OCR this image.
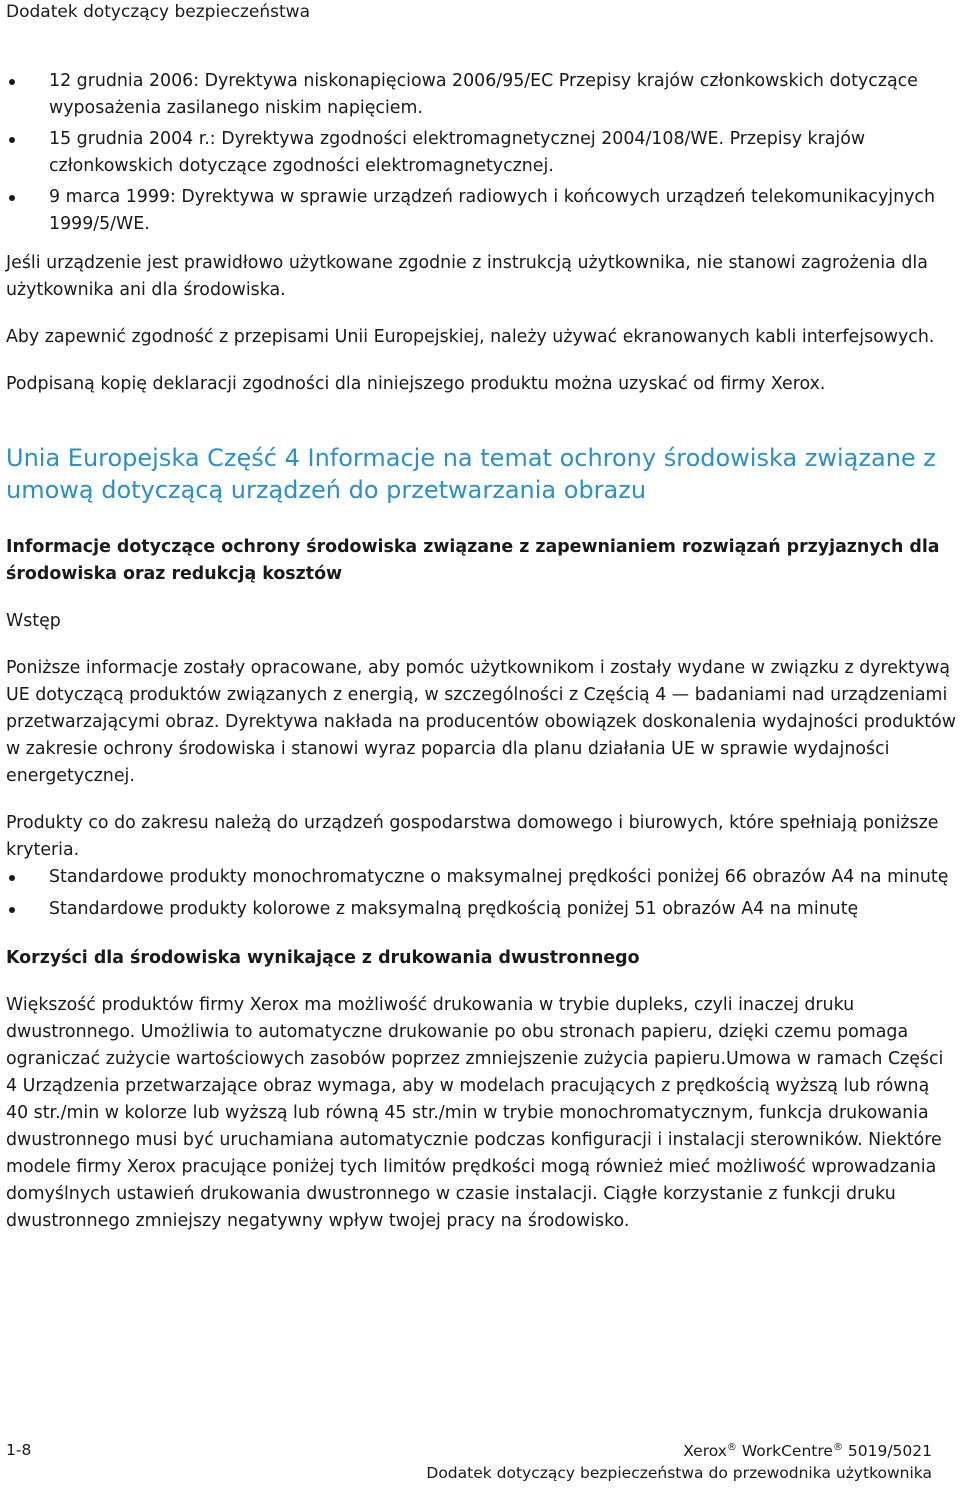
Dodatek dotyczący bezpieczeństwa
12 grudnia 2006: Dyrektywa niskonapięciowa 2006/95/EC Przepisy krajów członkowskich dotyczące wyposażenia zasilanego niskim napięciem.
15 grudnia 2004 r.: Dyrektywa zgodności elektromagnetycznej 2004/108/WE. Przepisy krajów członkowskich dotyczące zgodności elektromagnetycznej.
9 marca 1999: Dyrektywa w sprawie urządzeń radiowych i końcowych urządzeń telekomunikacyjnych 1999/5/WE.

Jeśli urządzenie jest prawidłowo użytkowane zgodnie z instrukcją użytkownika, nie stanowi zagrożenia dla użytkownika ani dla środowiska.

Aby zapewnić zgodność z przepisami Unii Europejskiej, należy używać ekranowanych kabli interfejsowych.

Podpisaną kopię deklaracji zgodności dla niniejszego produktu można uzyskać od firmy Xerox.

Unia Europejska Część 4 Informacje na temat ochrony środowiska związane z umową dotyczącą urządzeń do przetwarzania obrazu

Informacje dotyczące ochrony środowiska związane z zapewnianiem rozwiązań przyjaznych dla środowiska oraz redukcją kosztów

Wstęp

Poniższe informacje zostały opracowane, aby pomóc użytkownikom i zostały wydane w związku z dyrektywą UE dotyczącą produktów związanych z energią, w szczególności z Częścią 4 — badaniami nad urządzeniami przetwarzającymi obraz. Dyrektywa nakłada na producentów obowiązek doskonalenia wydajności produktów w zakresie ochrony środowiska i stanowi wyraz poparcia dla planu działania UE w sprawie wydajności energetycznej.

Produkty co do zakresu należą do urządzeń gospodarstwa domowego i biurowych, które spełniają poniższe kryteria.

Standardowe produkty monochromatyczne o maksymalnej prędkości poniżej 66 obrazów A4 na minutę
Standardowe produkty kolorowe z maksymalną prędkością poniżej 51 obrazów A4 na minutę

Korzyści dla środowiska wynikające z drukowania dwustronnego

Większość produktów firmy Xerox ma możliwość drukowania w trybie dupleks, czyli inaczej druku dwustronnego. Umożliwia to automatyczne drukowanie po obu stronach papieru, dzięki czemu pomaga ograniczać zużycie wartościowych zasobów poprzez zmniejszenie zużycia papieru.Umowa w ramach Części 4 Urządzenia przetwarzające obraz wymaga, aby w modelach pracujących z prędkością wyższą lub równą 40 str./min w kolorze lub wyższą lub równą 45 str./min w trybie monochromatycznym, funkcja drukowania dwustronnego musi być uruchamiana automatycznie podczas konfiguracji i instalacji sterowników. Niektóre modele firmy Xerox pracujące poniżej tych limitów prędkości mogą również mieć możliwość wprowadzania domyślnych ustawień drukowania dwustronnego w czasie instalacji. Ciągłe korzystanie z funkcji druku dwustronnego zmniejszy negatywny wpływ twojej pracy na środowisko.

1-8	Xerox® WorkCentre® 5019/5021
Dodatek dotyczący bezpieczeństwa do przewodnika użytkownika
